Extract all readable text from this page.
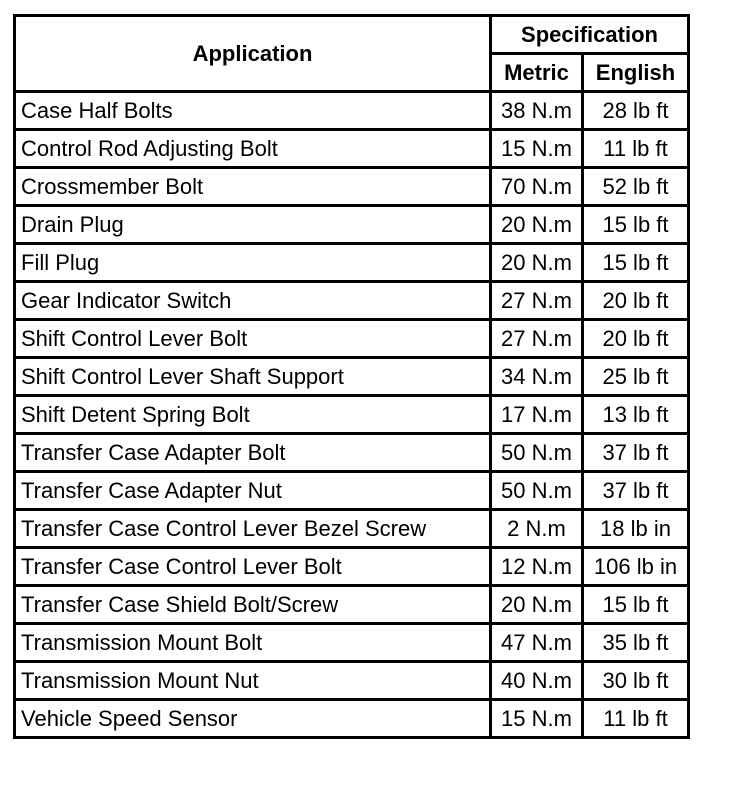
Application	Specification	
	Metric	English
Case Half Bolts	38 N.m	28 lb ft
Control Rod Adjusting Bolt	15 N.m	11 lb ft
Crossmember Bolt	70 N.m	52 lb ft
Drain Plug	20 N.m	15 lb ft
Fill Plug	20 N.m	15 lb ft
Gear Indicator Switch	27 N.m	20 lb ft
Shift Control Lever Bolt	27 N.m	20 lb ft
Shift Control Lever Shaft Support	34 N.m	25 lb ft
Shift Detent Spring Bolt	17 N.m	13 lb ft
Transfer Case Adapter Bolt	50 N.m	37 lb ft
Transfer Case Adapter Nut	50 N.m	37 lb ft
Transfer Case Control Lever Bezel Screw	2 N.m	18 lb in
Transfer Case Control Lever Bolt	12 N.m	106 lb in
Transfer Case Shield Bolt/Screw	20 N.m	15 lb ft
Transmission Mount Bolt	47 N.m	35 lb ft
Transmission Mount Nut	40 N.m	30 lb ft
Vehicle Speed Sensor	15 N.m	11 lb ft
